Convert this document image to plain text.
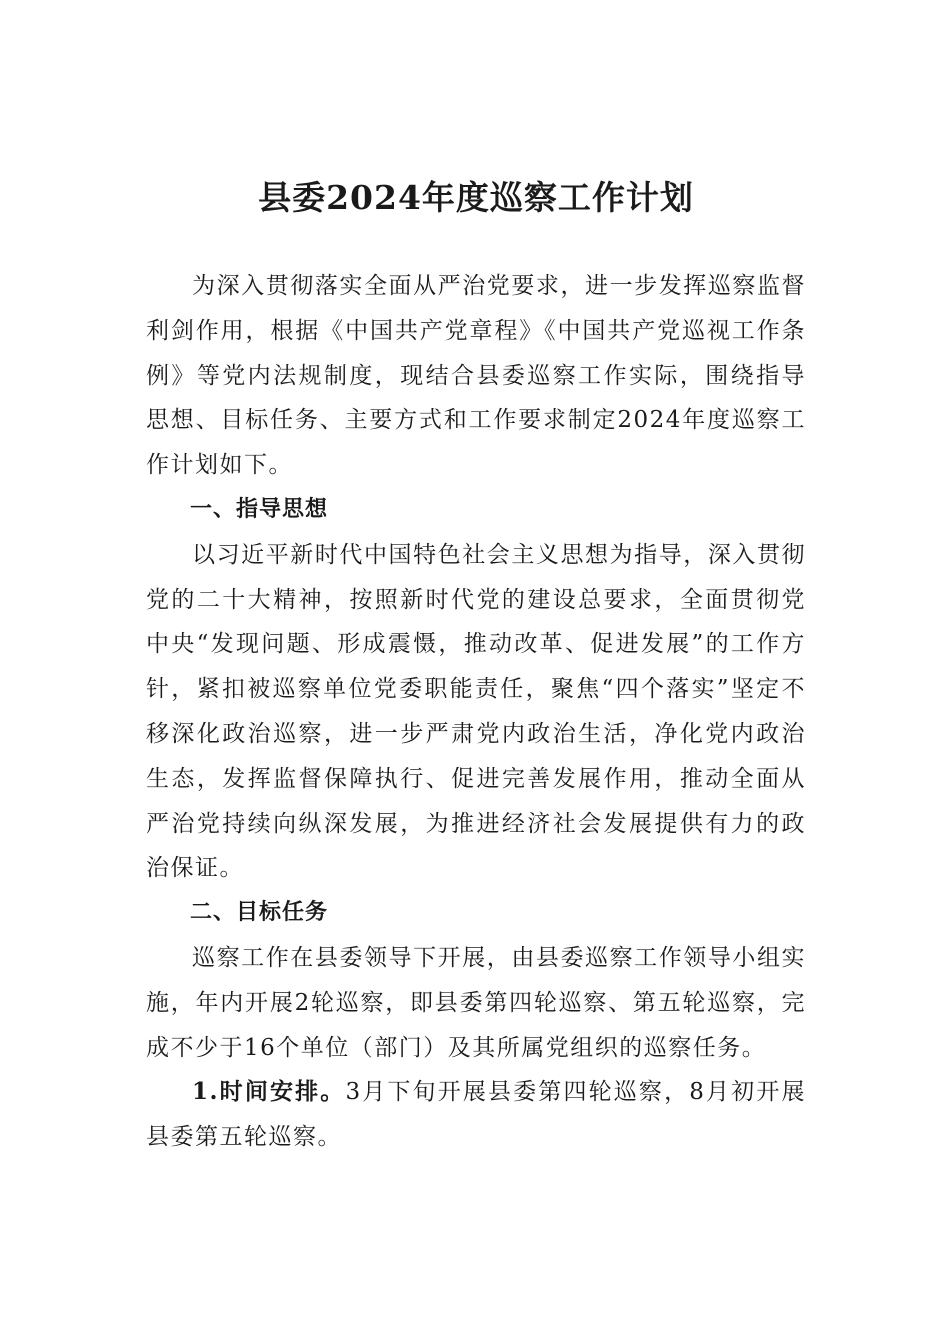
县委2024年度巡察工作计划

为深入贯彻落实全面从严治党要求，进一步发挥巡察监督利剑作用，根据《中国共产党章程》《中国共产党巡视工作条例》等党内法规制度，现结合县委巡察工作实际，围绕指导思想、目标任务、主要方式和工作要求制定2024年度巡察工作计划如下。

一、指导思想

以习近平新时代中国特色社会主义思想为指导，深入贯彻党的二十大精神，按照新时代党的建设总要求，全面贯彻党中央“发现问题、形成震慑，推动改革、促进发展”的工作方针，紧扣被巡察单位党委职能责任，聚焦“四个落实”坚定不移深化政治巡察，进一步严肃党内政治生活，净化党内政治生态，发挥监督保障执行、促进完善发展作用，推动全面从严治党持续向纵深发展，为推进经济社会发展提供有力的政治保证。

二、目标任务

巡察工作在县委领导下开展，由县委巡察工作领导小组实施，年内开展2轮巡察，即县委第四轮巡察、第五轮巡察，完成不少于16个单位（部门）及其所属党组织的巡察任务。

1.时间安排。3月下旬开展县委第四轮巡察，8月初开展县委第五轮巡察。
